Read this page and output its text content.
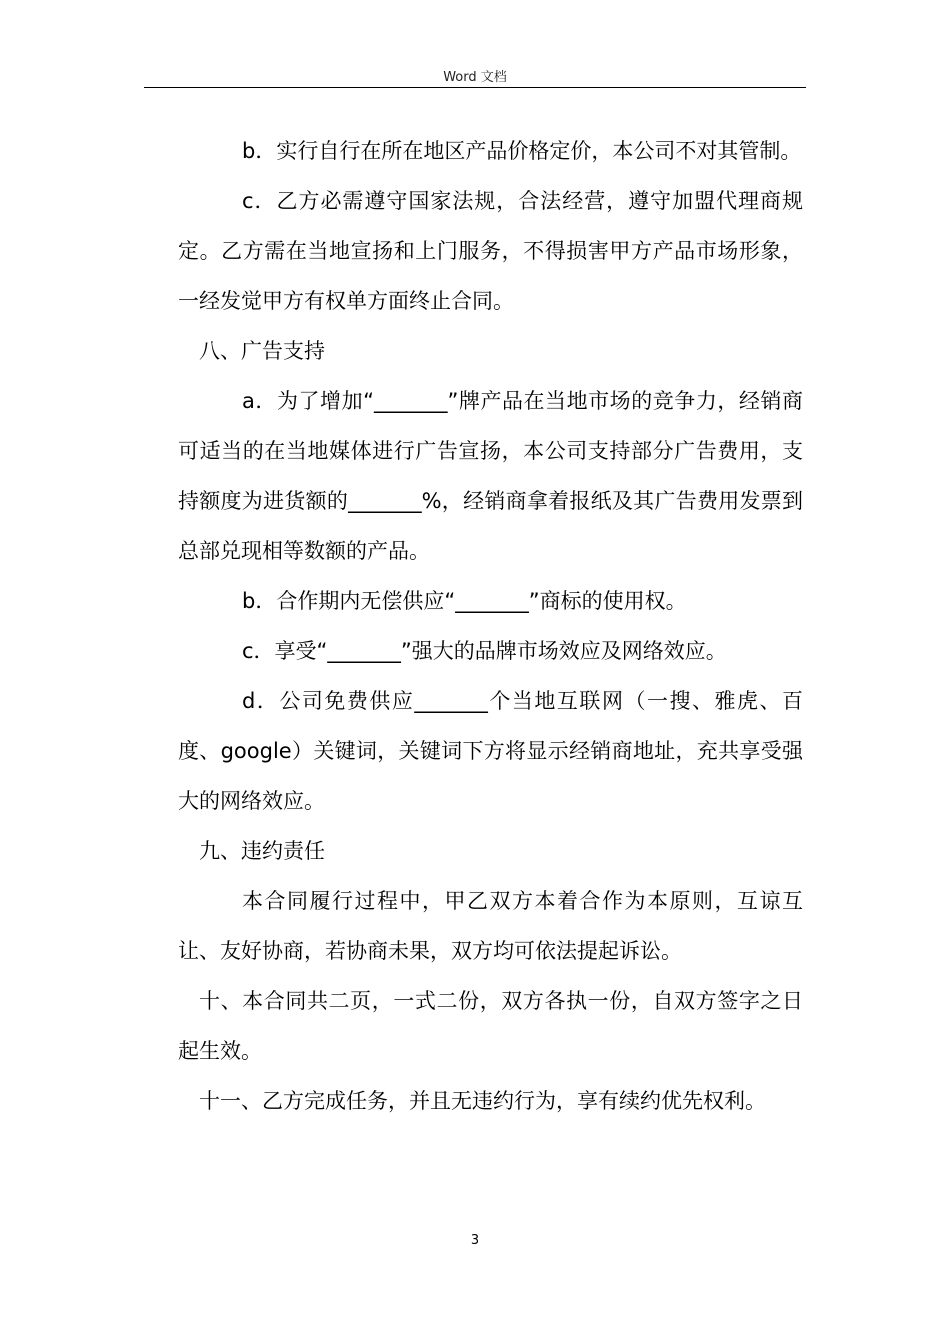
Word 文档

b．实行自行在所在地区产品价格定价，本公司不对其管制。

c．乙方必需遵守国家法规，合法经营，遵守加盟代理商规定。乙方需在当地宣扬和上门服务，不得损害甲方产品市场形象，一经发觉甲方有权单方面终止合同。

八、广告支持

a．为了增加“_______”牌产品在当地市场的竞争力，经销商可适当的在当地媒体进行广告宣扬，本公司支持部分广告费用，支持额度为进货额的_______%，经销商拿着报纸及其广告费用发票到总部兑现相等数额的产品。

b．合作期内无偿供应“_______”商标的使用权。

c．享受“_______”强大的品牌市场效应及网络效应。

d．公司免费供应_______个当地互联网（一搜、雅虎、百度、google）关键词，关键词下方将显示经销商地址，充共享受强大的网络效应。

九、违约责任

本合同履行过程中，甲乙双方本着合作为本原则，互谅互让、友好协商，若协商未果，双方均可依法提起诉讼。

十、本合同共二页，一式二份，双方各执一份，自双方签字之日起生效。

十一、乙方完成任务，并且无违约行为，享有续约优先权利。

3
